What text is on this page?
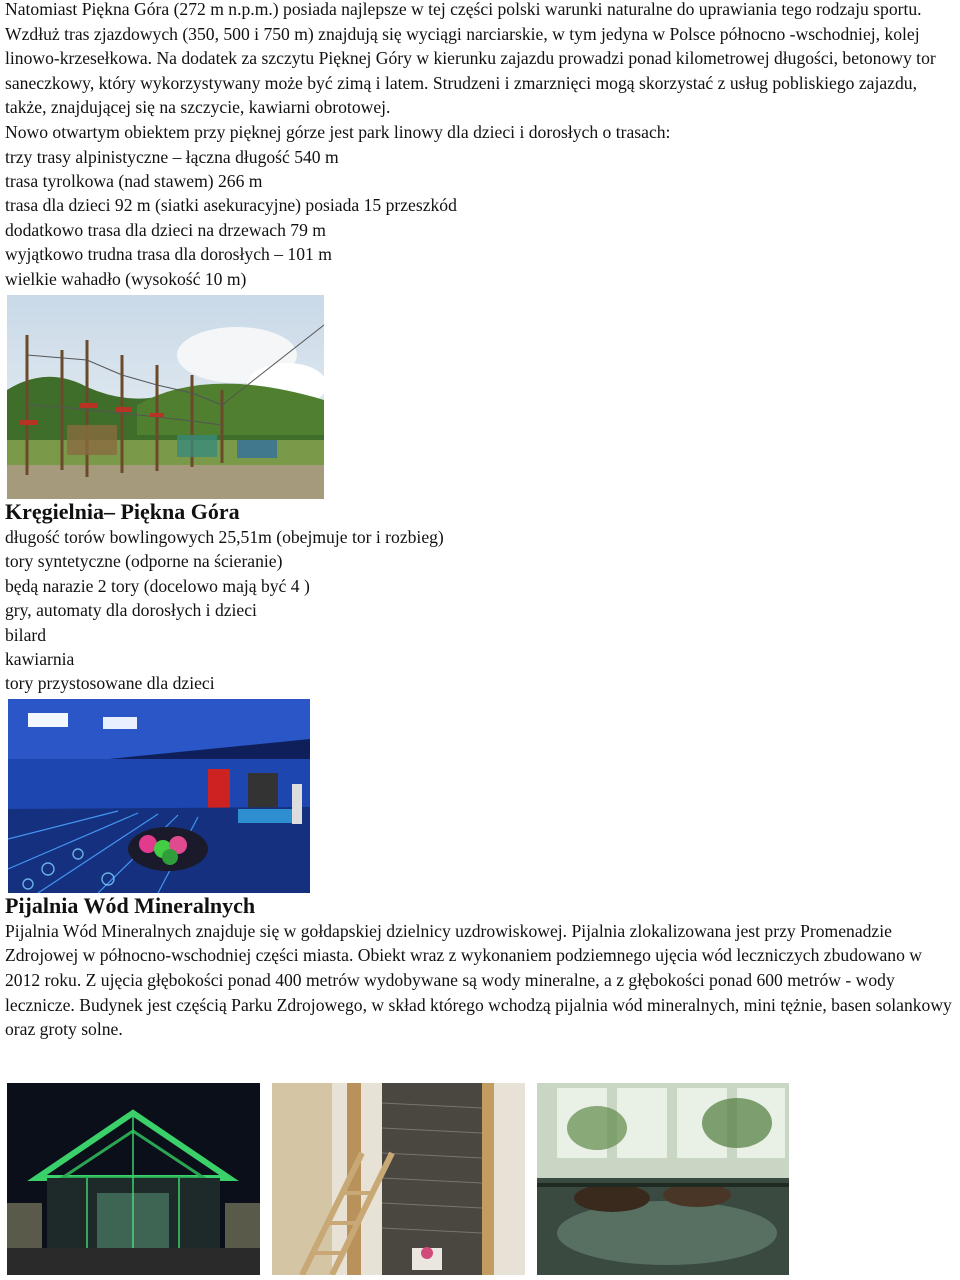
Natomiast Piękna Góra (272 m n.p.m.) posiada najlepsze w tej części polski warunki naturalne do uprawiania tego rodzaju sportu. Wzdłuż tras zjazdowych (350, 500 i 750 m) znajdują się wyciągi narciarskie, w tym jedyna w Polsce północno -wschodniej, kolej linowo-krzesełkowa. Na dodatek za szczytu Pięknej Góry w kierunku zajazdu prowadzi ponad kilometrowej długości, betonowy tor saneczkowy, który wykorzystywany może być zimą i latem. Strudzeni i zmarznięci mogą skorzystać z usług pobliskiego zajazdu, także, znajdującej się na szczycie, kawiarni obrotowej.

Nowo otwartym obiektem przy pięknej górze jest park linowy dla dzieci i dorosłych o trasach:

trzy trasy alpinistyczne – łączna długość 540 m
trasa tyrolkowa (nad stawem) 266 m
trasa dla dzieci 92 m (siatki asekuracyjne) posiada 15 przeszkód
dodatkowo trasa dla dzieci na drzewach 79 m
wyjątkowo trudna trasa dla dorosłych – 101 m
wielkie wahadło (wysokość 10 m)
Kręgielnia– Piękna Góra
długość torów bowlingowych 25,51m (obejmuje tor i rozbieg)
tory syntetyczne (odporne na ścieranie)
będą narazie 2 tory (docelowo mają być 4 )
gry, automaty dla dorosłych i dzieci
bilard
kawiarnia
tory przystosowane dla dzieci
Pijalnia Wód Mineralnych

Pijalnia Wód Mineralnych znajduje się w gołdapskiej dzielnicy uzdrowiskowej. Pijalnia zlokalizowana jest przy Promenadzie Zdrojowej w północno-wschodniej części miasta. Obiekt wraz z wykonaniem podziemnego ujęcia wód leczniczych zbudowano w 2012 roku. Z ujęcia głębokości ponad 400 metrów wydobywane są wody mineralne, a z głębokości ponad 600 metrów - wody lecznicze. Budynek jest częścią Parku Zdrojowego, w skład którego wchodzą pijalnia wód mineralnych, mini tężnie, basen solankowy oraz groty solne.
